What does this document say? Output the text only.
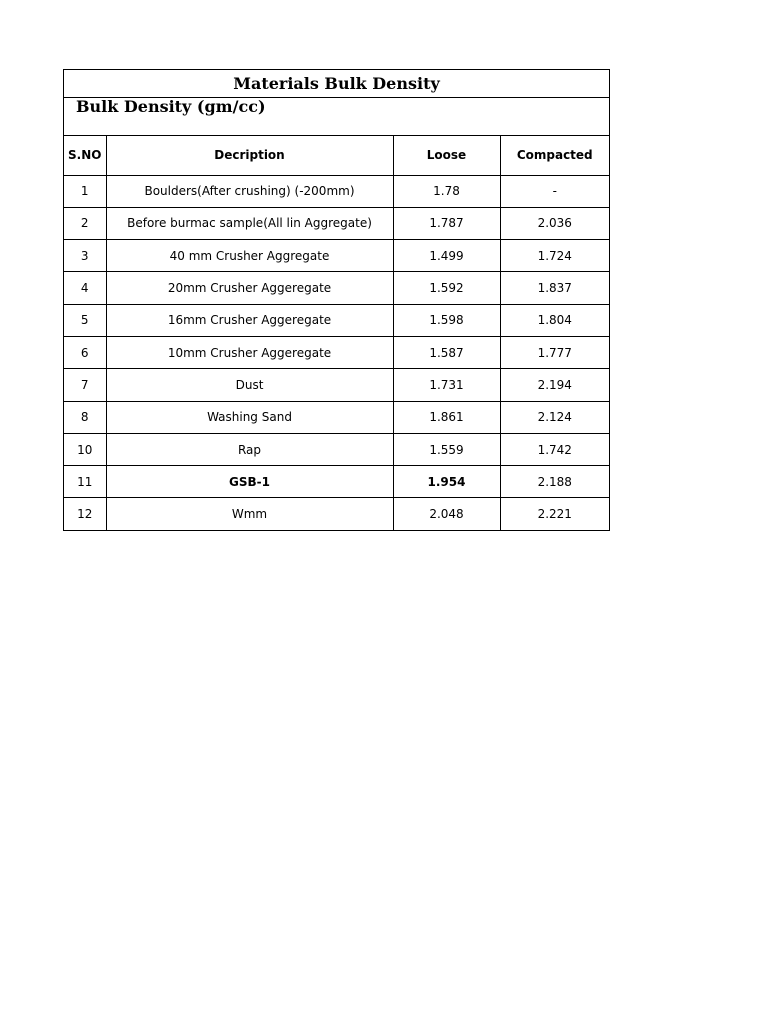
Materials Bulk Density
Bulk Density (gm/cc)
S.NO	Decription	Loose	Compacted
1	Boulders(After crushing) (-200mm)	1.78	-
2	Before burmac sample(All lin Aggregate)	1.787	2.036
3	40 mm Crusher Aggregate	1.499	1.724
4	20mm Crusher Aggeregate	1.592	1.837
5	16mm Crusher Aggeregate	1.598	1.804
6	10mm Crusher Aggeregate	1.587	1.777
7	Dust	1.731	2.194
8	Washing Sand	1.861	2.124
10	Rap	1.559	1.742
11	GSB-1	1.954	2.188
12	Wmm	2.048	2.221
